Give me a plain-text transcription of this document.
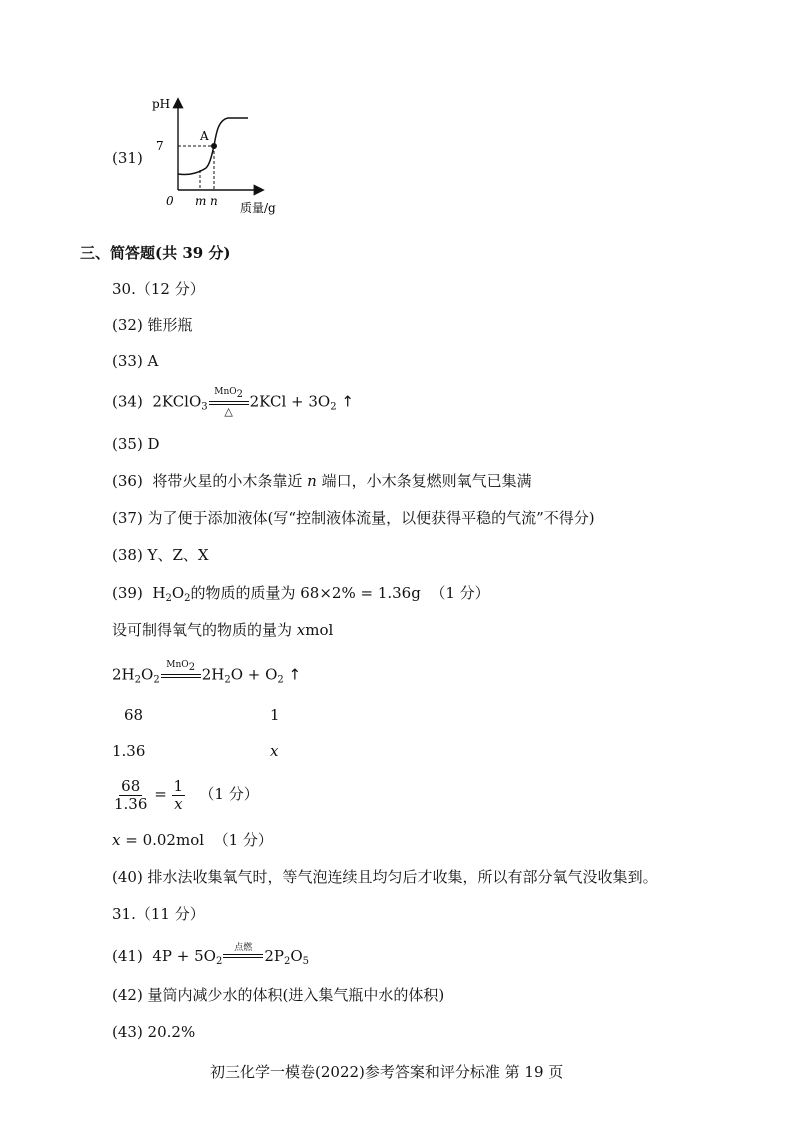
(31)
pH
7
A
0 m n 质量/g
三、简答题(共 39 分)
30.（12 分）
(32) 锥形瓶
(33) A
(34) 2KClO$_3$
MnO2
△
$2KCl + 3O_2$ ↑
(35) D
(36) 将带火星的小木条靠近 n 端口，小木条复燃则氧气已集满
(37) 为了便于添加液体(写“控制液体流量，以便获得平稳的气流”不得分)
(38) Y、Z、X
(39) $H_2O_2$的物质的质量为 68×2% = 1.36g （1 分）
设可制得氧气的物质的量为 xmol
$2H_2O_2$
MnO2 $2H_2O + O_2$ ↑
68	1
1.36	x
$\frac{68}{1.36} = \frac{1}{x} (1$ 分）
x = 0.02mol （1 分）
(40) 排水法收集氧气时，等气泡连续且均匀后才收集，所以有部分氧气没收集到。
31.（11 分）
(41) $4P + 5O_2$
点燃 $2P_2O_5$
(42) 量筒内减少水的体积(进入集气瓶中水的体积)
(43) 20.2%
初三化学一模卷(2022)参考答案和评分标准 第 19 页
